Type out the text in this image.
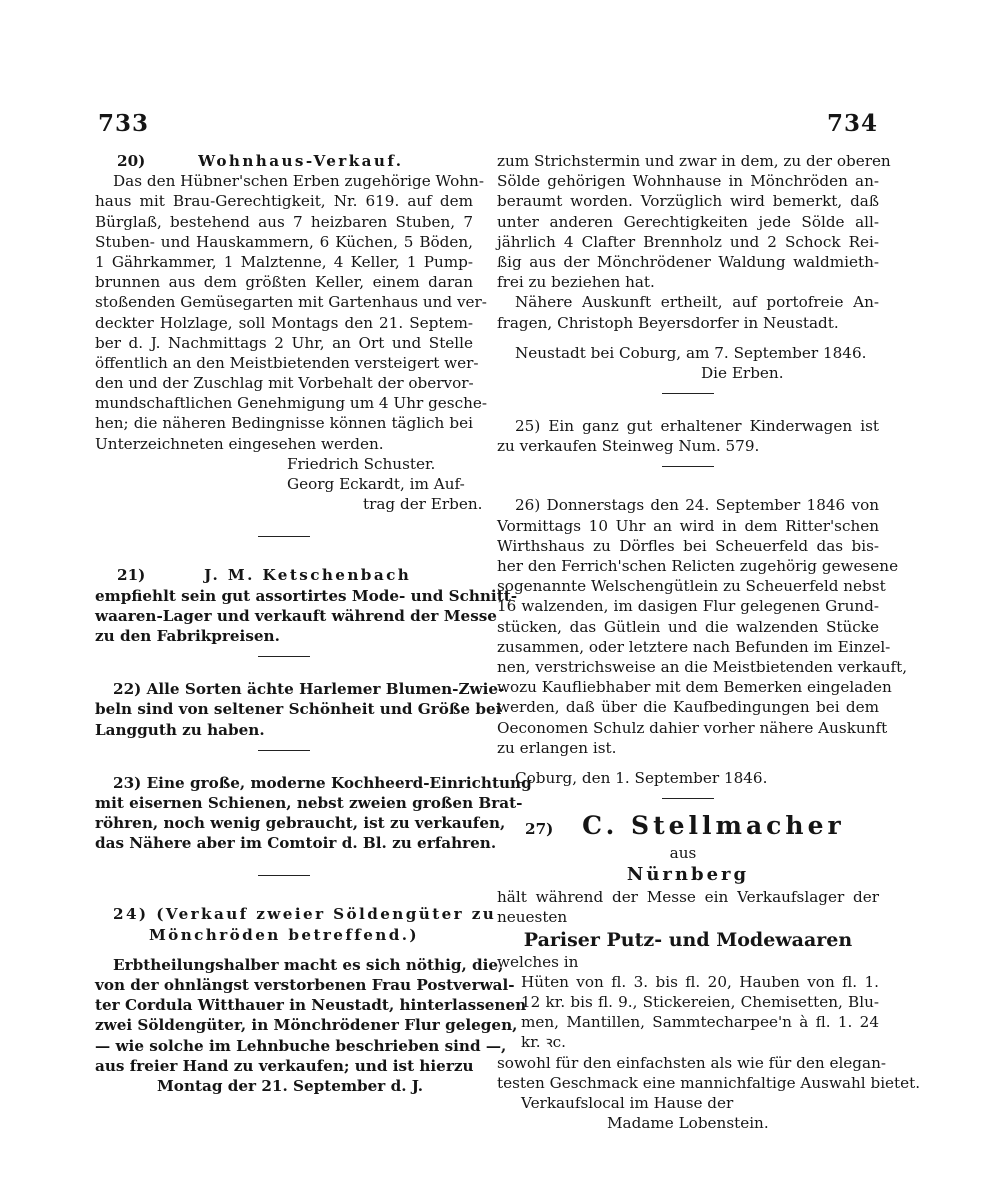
733	734
20)	Wohnhaus-Verkauf.
Das den Hübner'schen Erben zugehörige Wohn-
haus mit Brau-Gerechtigkeit, Nr. 619. auf dem
Bürglaß, bestehend aus 7 heizbaren Stuben, 7
Stuben- und Hauskammern, 6 Küchen, 5 Böden,
1 Gährkammer, 1 Malztenne, 4 Keller, 1 Pump-
brunnen aus dem größten Keller, einem daran
stoßenden Gemüsegarten mit Gartenhaus und ver-
deckter Holzlage, soll Montags den 21. Septem-
ber d. J. Nachmittags 2 Uhr, an Ort und Stelle
öffentlich an den Meistbietenden versteigert wer-
den und der Zuschlag mit Vorbehalt der obervor-
mundschaftlichen Genehmigung um 4 Uhr gesche-
hen; die näheren Bedingnisse können täglich bei
Unterzeichneten eingesehen werden.
Friedrich Schuster.
Georg Eckardt, im Auf-
trag der Erben.
21)	J. M. Ketschenbach
empfiehlt sein gut assortirtes Mode- und Schnitt-
waaren-Lager und verkauft während der Messe
zu den Fabrikpreisen.
22) Alle Sorten ächte Harlemer Blumen-Zwie-
beln sind von seltener Schönheit und Größe bei
Langguth zu haben.
23) Eine große, moderne Kochheerd-Einrichtung
mit eisernen Schienen, nebst zweien großen Brat-
röhren, noch wenig gebraucht, ist zu verkaufen,
das Nähere aber im Comtoir d. Bl. zu erfahren.
24) (Verkauf zweier Söldengüter zu
Mönchröden betreffend.)
Erbtheilungshalber macht es sich nöthig, die,
von der ohnlängst verstorbenen Frau Postverwal-
ter Cordula Witthauer in Neustadt, hinterlassenen
zwei Söldengüter, in Mönchrödener Flur gelegen,
— wie solche im Lehnbuche beschrieben sind —,
aus freier Hand zu verkaufen; und ist hierzu
Montag der 21. September d. J.
zum Strichstermin und zwar in dem, zu der oberen
Sölde gehörigen Wohnhause in Mönchröden an-
beraumt worden. Vorzüglich wird bemerkt, daß
unter anderen Gerechtigkeiten jede Sölde all-
jährlich 4 Clafter Brennholz und 2 Schock Rei-
ßig aus der Mönchrödener Waldung waldmieth-
frei zu beziehen hat.
Nähere Auskunft ertheilt, auf portofreie An-
fragen, Christoph Beyersdorfer in Neustadt.
Neustadt bei Coburg, am 7. September 1846.
Die Erben.
25) Ein ganz gut erhaltener Kinderwagen ist
zu verkaufen Steinweg Num. 579.
26) Donnerstags den 24. September 1846 von
Vormittags 10 Uhr an wird in dem Ritter'schen
Wirthshaus zu Dörfles bei Scheuerfeld das bis-
her den Ferrich'schen Relicten zugehörig gewesene
sogenannte Welschengütlein zu Scheuerfeld nebst
16 walzenden, im dasigen Flur gelegenen Grund-
stücken, das Gütlein und die walzenden Stücke
zusammen, oder letztere nach Befunden im Einzel-
nen, verstrichsweise an die Meistbietenden verkauft,
wozu Kaufliebhaber mit dem Bemerken eingeladen
werden, daß über die Kaufbedingungen bei dem
Oeconomen Schulz dahier vorher nähere Auskunft
zu erlangen ist.
Coburg, den 1. September 1846.
27) C. Stellmacher
aus
Nürnberg
hält während der Messe ein Verkaufslager der
neuesten
Pariser Putz- und Modewaaren
welches in
Hüten von fl. 3. bis fl. 20, Hauben von fl. 1.
12 kr. bis fl. 9., Stickereien, Chemisetten, Blu-
men, Mantillen, Sammtecharpee'n à fl. 1. 24
kr. ꝛc.
sowohl für den einfachsten als wie für den elegan-
testen Geschmack eine mannichfaltige Auswahl bietet.
Verkaufslocal im Hause der
Madame Lobenstein.
